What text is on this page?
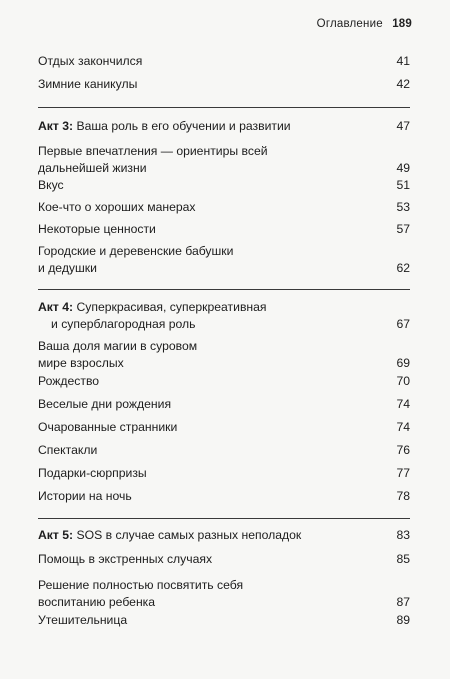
Оглавление 189
Отдых закончился	41
Зимние каникулы	42
Акт 3: Ваша роль в его обучении и развитии	47
Первые впечатления — ориентиры всей
дальнейшей жизни	49
Вкус	51
Кое-что о хороших манерах	53
Некоторые ценности	57
Городские и деревенские бабушки
и дедушки	62
Акт 4: Суперкрасивая, суперкреативная
и суперблагородная роль	67
Ваша доля магии в суровом
мире взрослых	69
Рождество	70
Веселые дни рождения	74
Очарованные странники	74
Спектакли	76
Подарки-сюрпризы	77
Истории на ночь	78
Акт 5: SOS в случае самых разных неполадок	83
Помощь в экстренных случаях	85
Решение полностью посвятить себя
воспитанию ребенка	87
Утешительница	89
